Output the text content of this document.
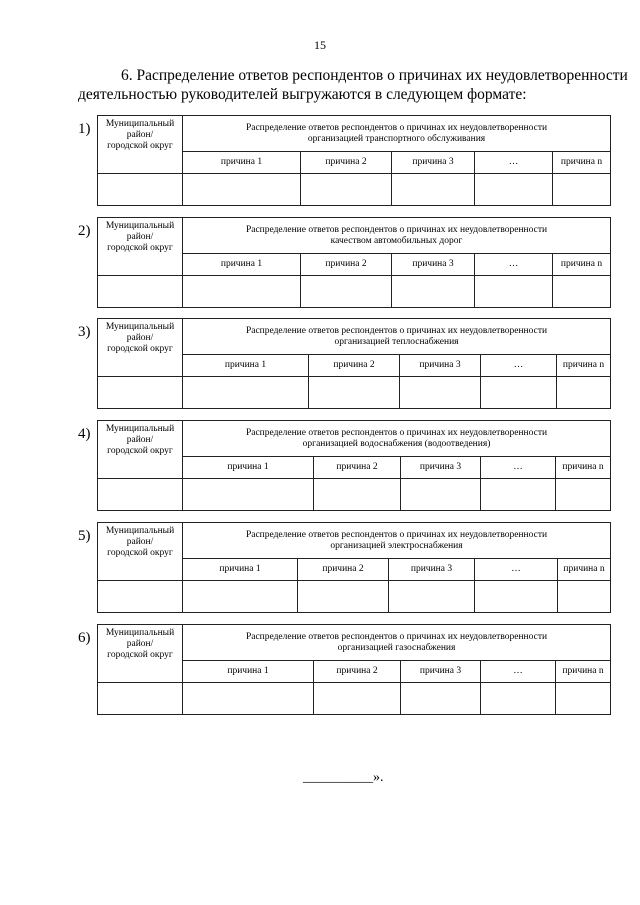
15
6. Распределение ответов респондентов о причинах их неудовлетворенности
деятельностью руководителей выгружаются в следующем формате:
1)	Муниципальный
район/
городской округ	Распределение ответов респондентов о причинах их неудовлетворенности
организацией транспортного обслуживания				
	причина 1	причина 2	причина 3	…	причина n

2)	Муниципальный
район/
городской округ	Распределение ответов респондентов о причинах их неудовлетворенности
качеством автомобильных дорог				
	причина 1	причина 2	причина 3	…	причина n

3)	Муниципальный
район/
городской округ	Распределение ответов респондентов о причинах их неудовлетворенности
организацией теплоснабжения				
	причина 1	причина 2	причина 3	…	причина n

4)	Муниципальный
район/
городской округ	Распределение ответов респондентов о причинах их неудовлетворенности
организацией водоснабжения (водоотведения)				
	причина 1	причина 2	причина 3	…	причина n

5)	Муниципальный
район/
городской округ	Распределение ответов респондентов о причинах их неудовлетворенности
организацией электроснабжения				
	причина 1	причина 2	причина 3	…	причина n

6)	Муниципальный
район/
городской округ	Распределение ответов респондентов о причинах их неудовлетворенности
организацией газоснабжения				
	причина 1	причина 2	причина 3	…	причина n

__________».
